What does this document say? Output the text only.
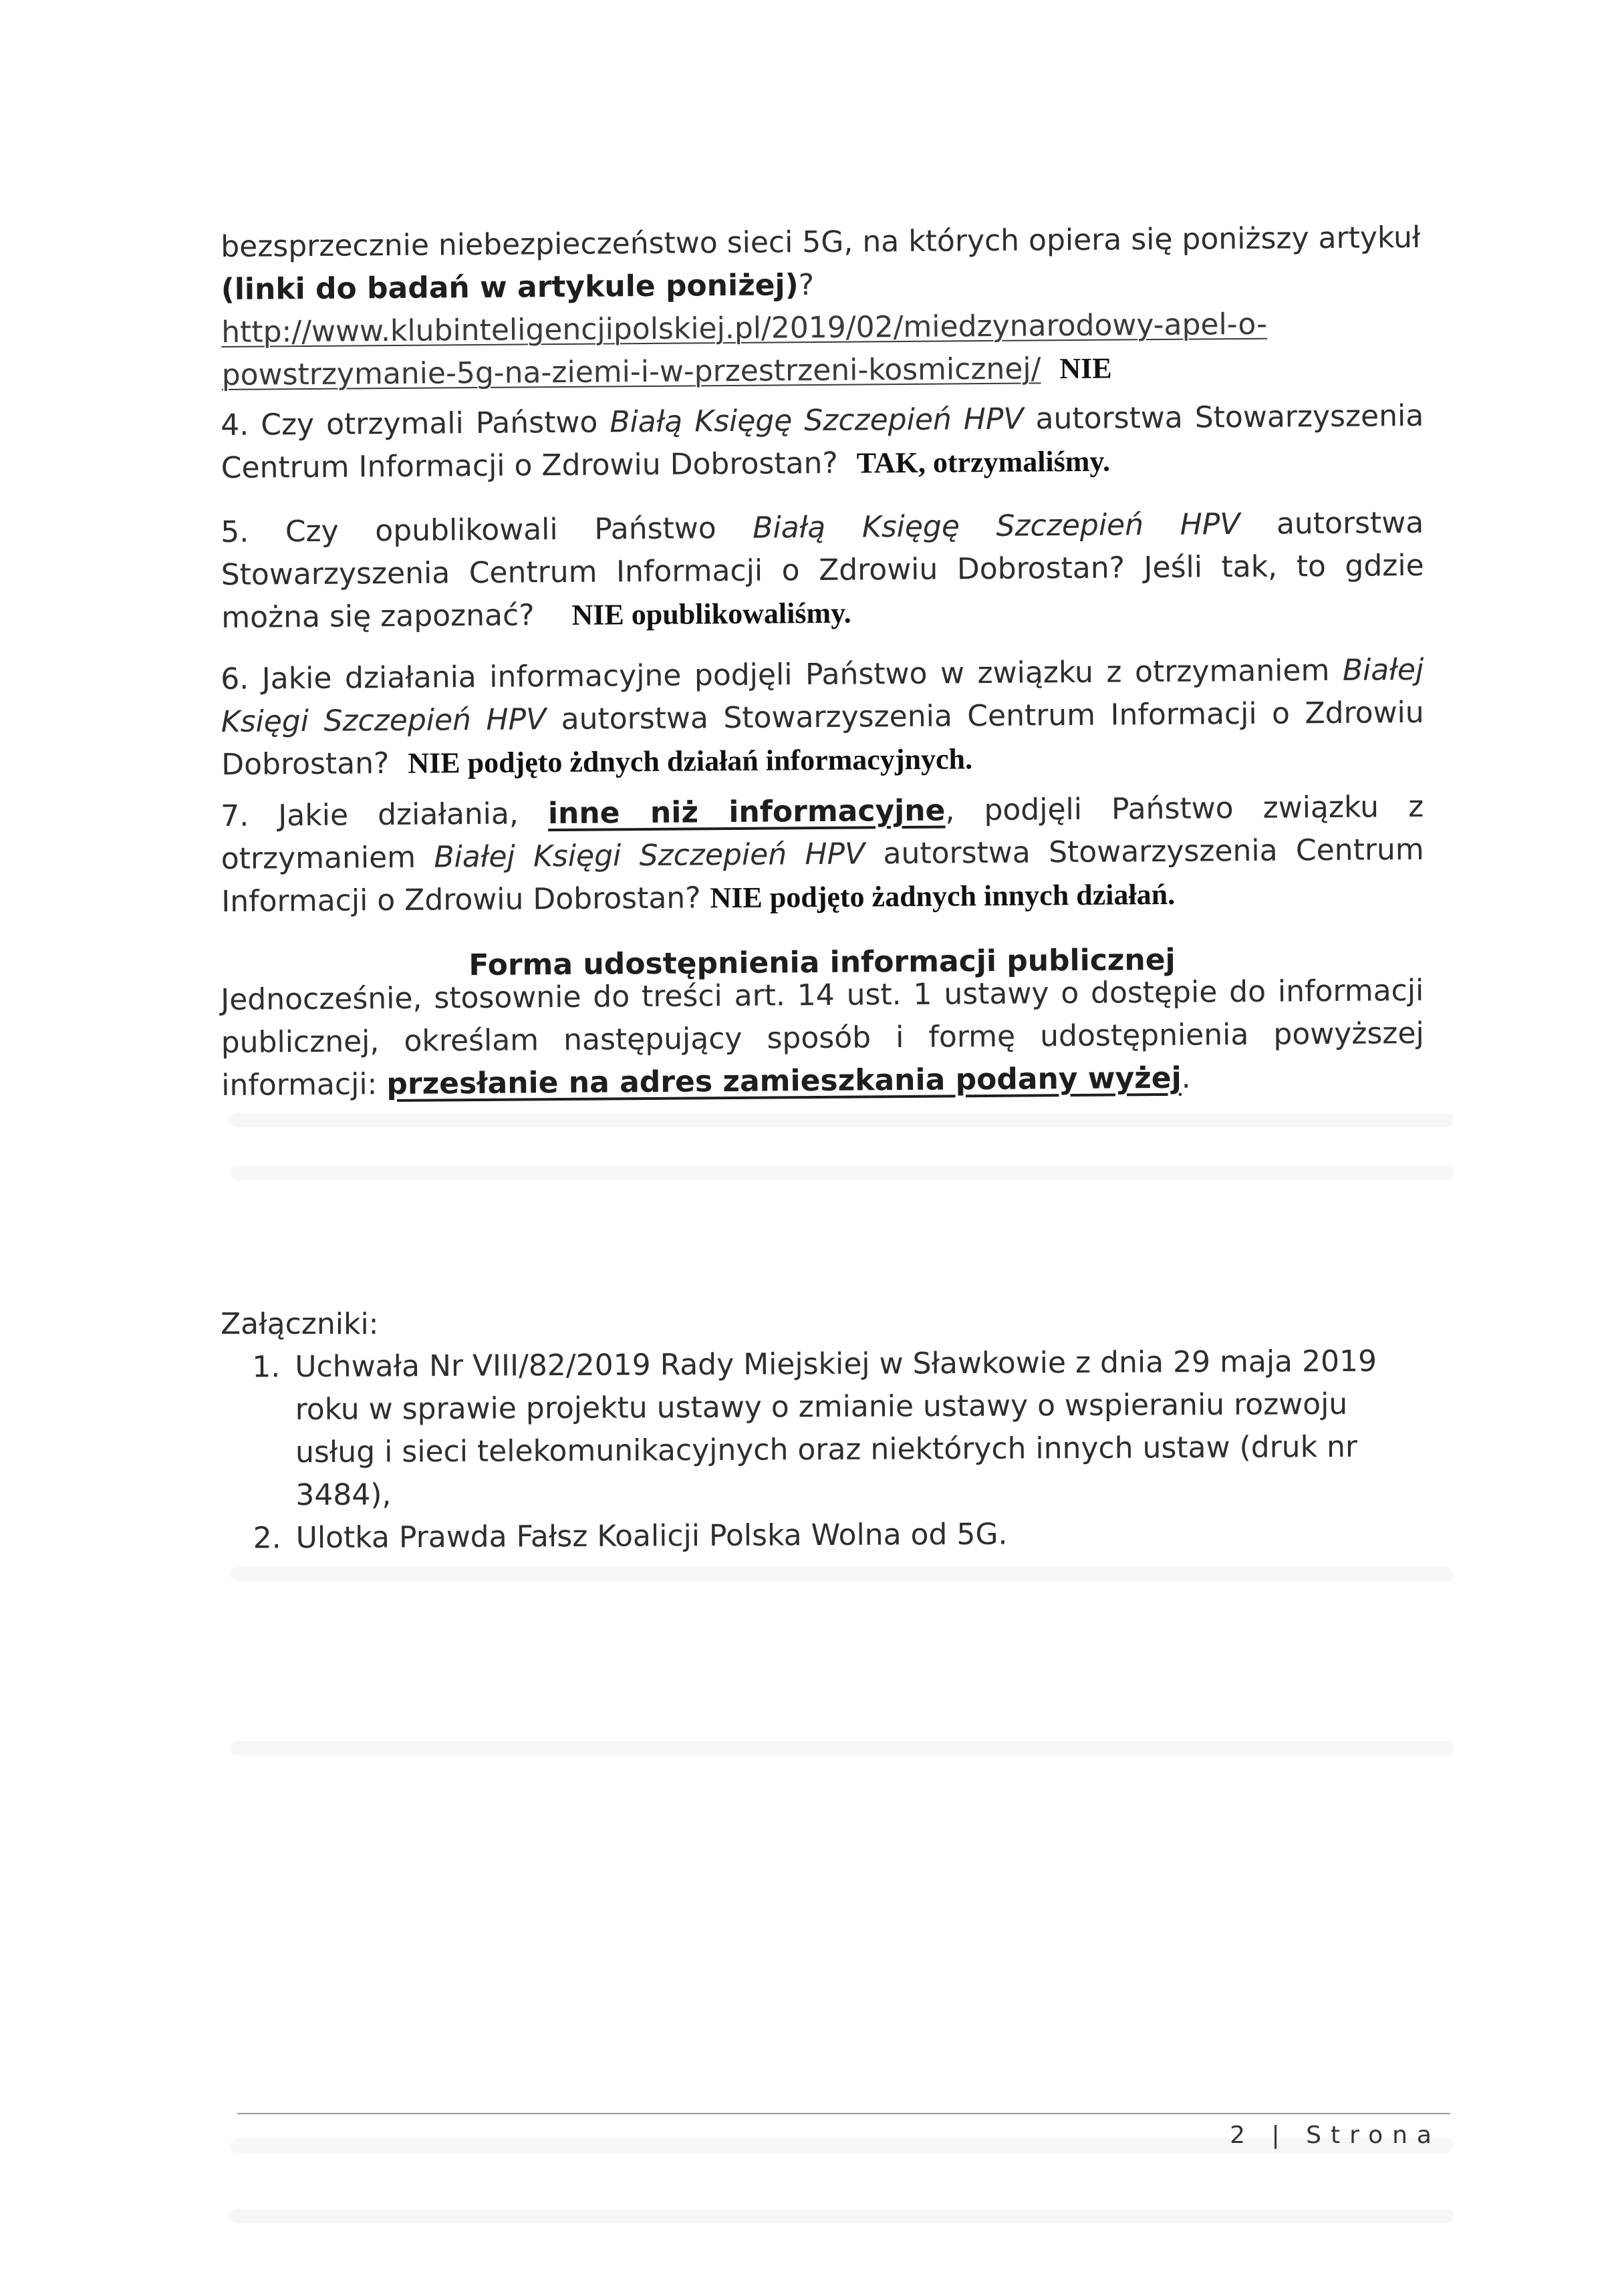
bezsprzecznie niebezpieczeństwo sieci 5G, na których opiera się poniższy artykuł

(linki do badań w artykule poniżej)?

http://www.klubinteligencjipolskiej.pl/2019/02/miedzynarodowy-apel-o-

powstrzymanie-5g-na-ziemi-i-w-przestrzeni-kosmicznej/ NIE

4. Czy otrzymali Państwo Białą Księgę Szczepień HPV autorstwa Stowarzyszenia

Centrum Informacji o Zdrowiu Dobrostan? TAK, otrzymaliśmy.

5. Czy opublikowali Państwo Białą Księgę Szczepień HPV autorstwa

Stowarzyszenia Centrum Informacji o Zdrowiu Dobrostan? Jeśli tak, to gdzie

można się zapoznać? NIE opublikowaliśmy.

6. Jakie działania informacyjne podjęli Państwo w związku z otrzymaniem Białej

Księgi Szczepień HPV autorstwa Stowarzyszenia Centrum Informacji o Zdrowiu

Dobrostan? NIE podjęto żdnych działań informacyjnych.

7. Jakie działania, inne niż informacyjne, podjęli Państwo związku z

otrzymaniem Białej Księgi Szczepień HPV autorstwa Stowarzyszenia Centrum

Informacji o Zdrowiu Dobrostan? NIE podjęto żadnych innych działań.

Forma udostępnienia informacji publicznej

Jednocześnie, stosownie do treści art. 14 ust. 1 ustawy o dostępie do informacji

publicznej, określam następujący sposób i formę udostępnienia powyższej

informacji: przesłanie na adres zamieszkania podany wyżej.

Załączniki:

1. Uchwała Nr VIII/82/2019 Rady Miejskiej w Sławkowie z dnia 29 maja 2019 roku w sprawie projektu ustawy o zmianie ustawy o wspieraniu rozwoju usług i sieci telekomunikacyjnych oraz niektórych innych ustaw (druk nr 3484),
2. Ulotka Prawda Fałsz Koalicji Polska Wolna od 5G.
2 | Strona
